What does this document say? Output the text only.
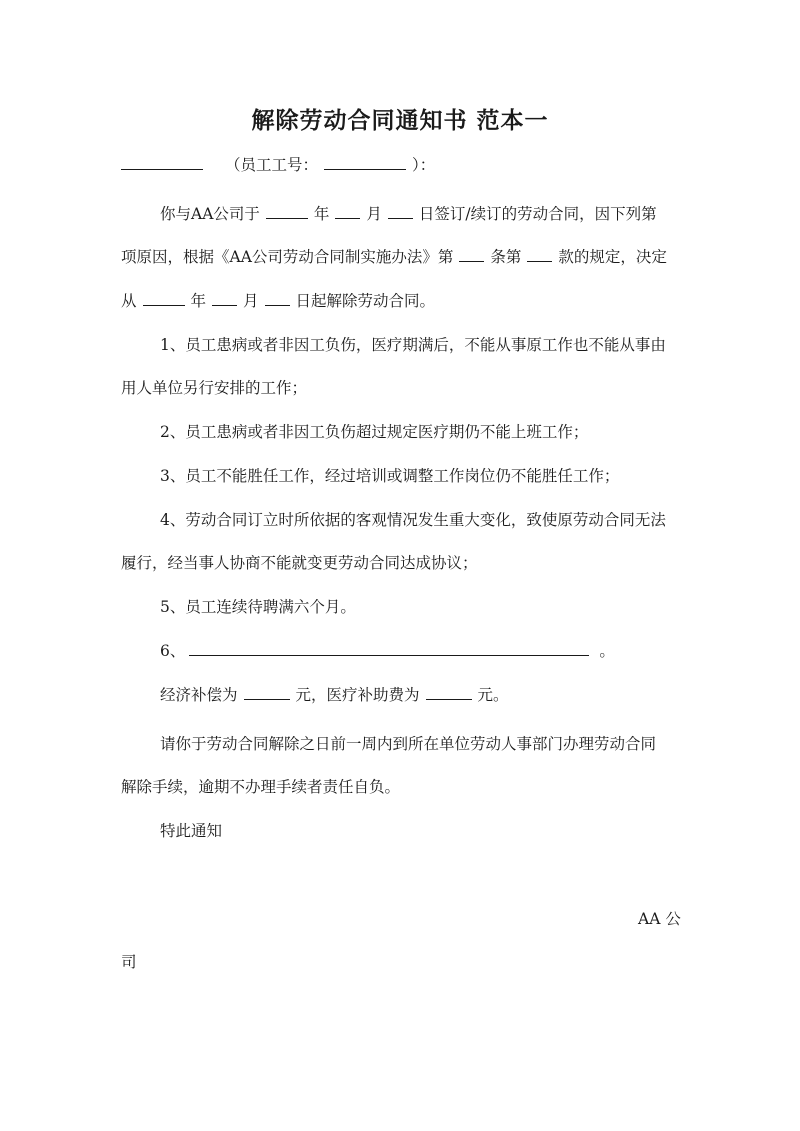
解除劳动合同通知书 范本一
（员工工号：	）：
你与AA公司于	年 月 日签订/续订的劳动合同，因下列第
项原因，根据《AA公司劳动合同制实施办法》第 条第 款的规定，决定
从	年 月 日起解除劳动合同。
1、员工患病或者非因工负伤，医疗期满后，不能从事原工作也不能从事由
用人单位另行安排的工作；
2、员工患病或者非因工负伤超过规定医疗期仍不能上班工作；
3、员工不能胜任工作，经过培训或调整工作岗位仍不能胜任工作；
4、劳动合同订立时所依据的客观情况发生重大变化，致使原劳动合同无法
履行，经当事人协商不能就变更劳动合同达成协议；
5、员工连续待聘满六个月。
6、	。
经济补偿为	元，医疗补助费为	元。
请你于劳动合同解除之日前一周内到所在单位劳动人事部门办理劳动合同
解除手续，逾期不办理手续者责任自负。
特此通知
AA 公
司
